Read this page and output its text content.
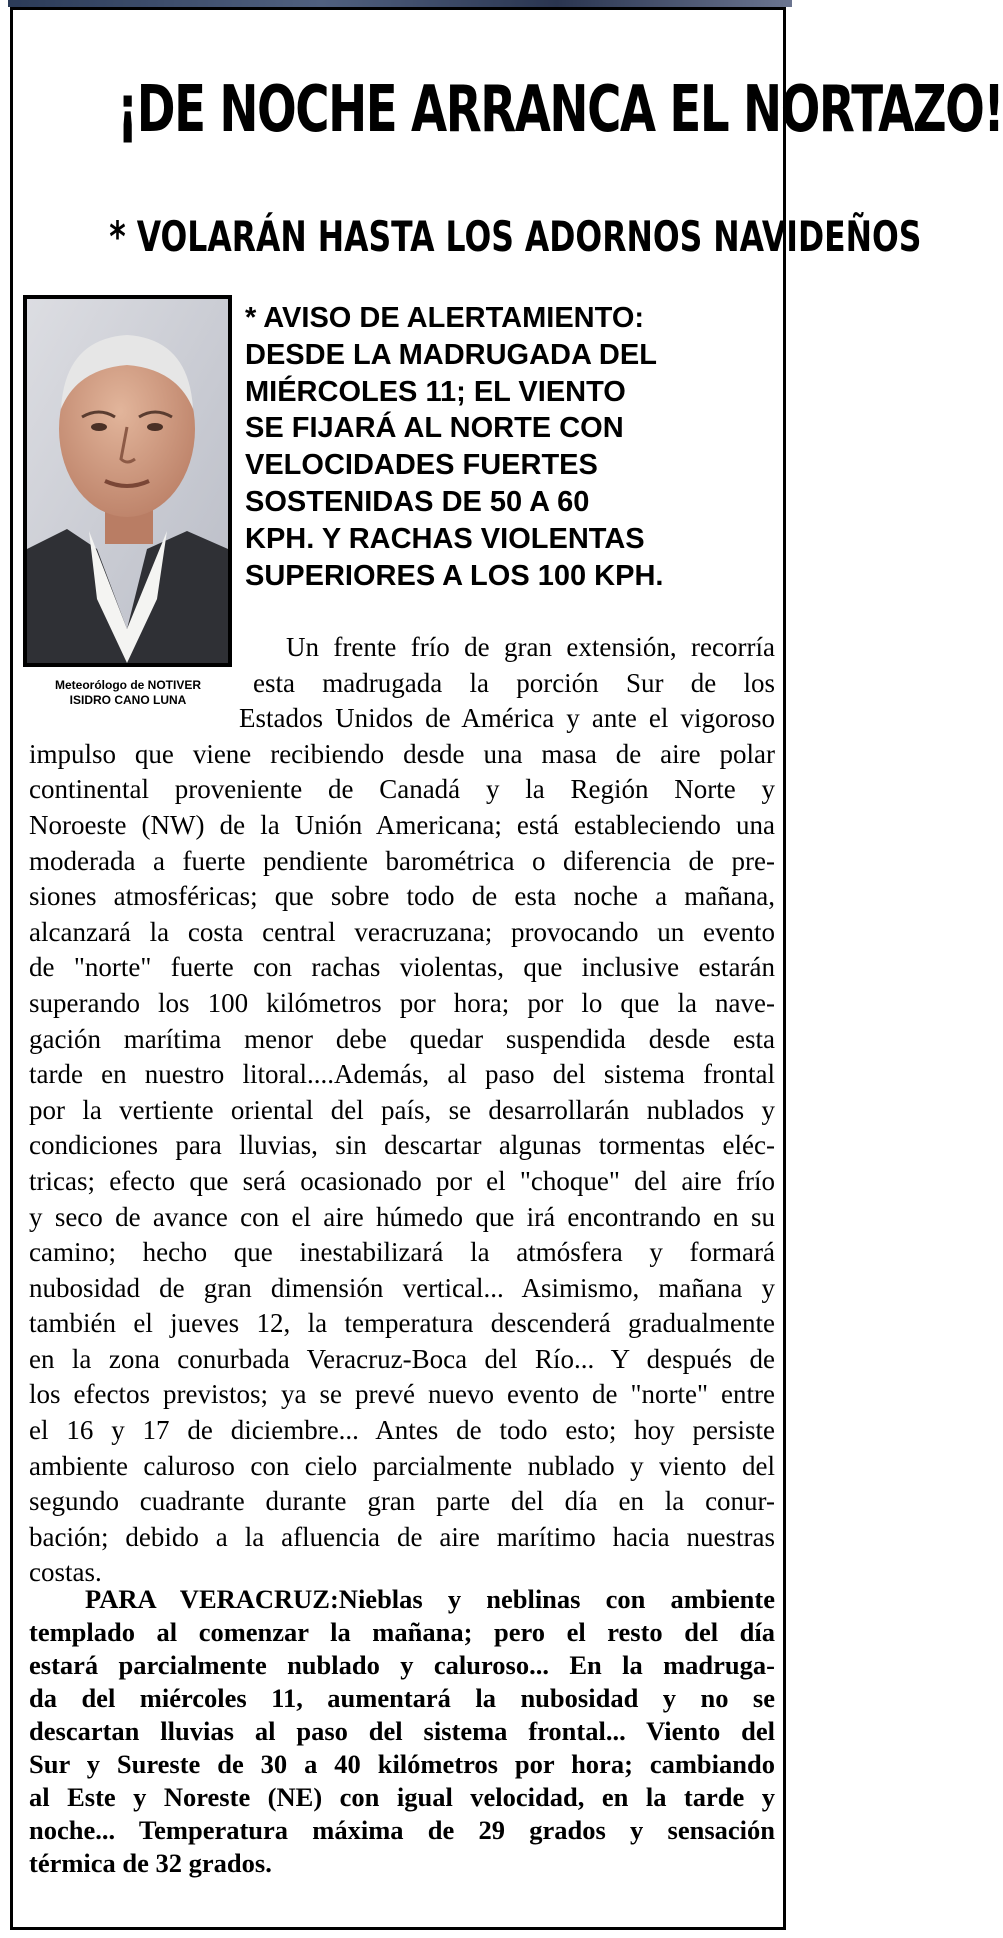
¡DE NOCHE ARRANCA EL NORTAZO!
* VOLARÁN HASTA LOS ADORNOS NAVIDEÑOS
Meteorólogo de NOTIVER
ISIDRO CANO LUNA
* AVISO DE ALERTAMIENTO:
DESDE LA MADRUGADA DEL
MIÉRCOLES 11; EL VIENTO
SE FIJARÁ AL NORTE CON
VELOCIDADES FUERTES
SOSTENIDAS DE 50 A 60
KPH. Y RACHAS VIOLENTAS
SUPERIORES A LOS 100 KPH.
Un frente frío de gran extensión, recorría
esta madrugada la porción Sur de los
Estados Unidos de América y ante el vigoroso
impulso que viene recibiendo desde una masa de aire polar
continental proveniente de Canadá y la Región Norte y
Noroeste (NW) de la Unión Americana; está estableciendo una
moderada a fuerte pendiente barométrica o diferencia de pre-
siones atmosféricas; que sobre todo de esta noche a mañana,
alcanzará la costa central veracruzana; provocando un evento
de "norte" fuerte con rachas violentas, que inclusive estarán
superando los 100 kilómetros por hora; por lo que la nave-
gación marítima menor debe quedar suspendida desde esta
tarde en nuestro litoral....Además, al paso del sistema frontal
por la vertiente oriental del país, se desarrollarán nublados y
condiciones para lluvias, sin descartar algunas tormentas eléc-
tricas; efecto que será ocasionado por el "choque" del aire frío
y seco de avance con el aire húmedo que irá encontrando en su
camino; hecho que inestabilizará la atmósfera y formará
nubosidad de gran dimensión vertical... Asimismo, mañana y
también el jueves 12, la temperatura descenderá gradualmente
en la zona conurbada Veracruz-Boca del Río... Y después de
los efectos previstos; ya se prevé nuevo evento de "norte" entre
el 16 y 17 de diciembre... Antes de todo esto; hoy persiste
ambiente caluroso con cielo parcialmente nublado y viento del
segundo cuadrante durante gran parte del día en la conur-
bación; debido a la afluencia de aire marítimo hacia nuestras
costas.
PARA VERACRUZ:Nieblas y neblinas con ambiente
templado al comenzar la mañana; pero el resto del día
estará parcialmente nublado y caluroso... En la madruga-
da del miércoles 11, aumentará la nubosidad y no se
descartan lluvias al paso del sistema frontal... Viento del
Sur y Sureste de 30 a 40 kilómetros por hora; cambiando
al Este y Noreste (NE) con igual velocidad, en la tarde y
noche... Temperatura máxima de 29 grados y sensación
térmica de 32 grados.
